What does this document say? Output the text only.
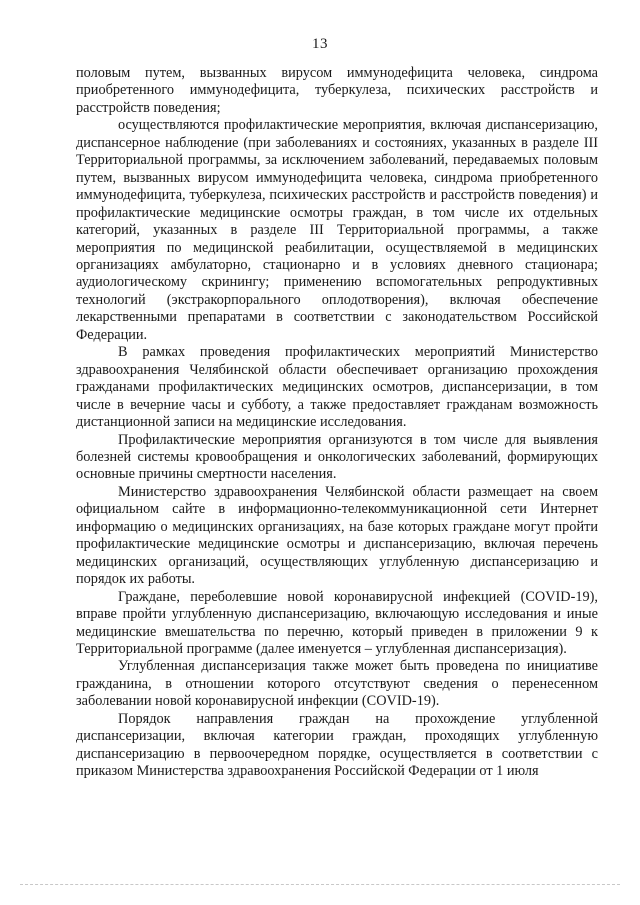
13

половым путем, вызванных вирусом иммунодефицита человека, синдрома приобретенного иммунодефицита, туберкулеза, психических расстройств и расстройств поведения;

осуществляются профилактические мероприятия, включая диспансеризацию, диспансерное наблюдение (при заболеваниях и состояниях, указанных в разделе III Территориальной программы, за исключением заболеваний, передаваемых половым путем, вызванных вирусом иммунодефицита человека, синдрома приобретенного иммунодефицита, туберкулеза, психических расстройств и расстройств поведения) и профилактические медицинские осмотры граждан, в том числе их отдельных категорий, указанных в разделе III Территориальной программы, а также мероприятия по медицинской реабилитации, осуществляемой в медицинских организациях амбулаторно, стационарно и в условиях дневного стационара; аудиологическому скринингу; применению вспомогательных репродуктивных технологий (экстракорпорального оплодотворения), включая обеспечение лекарственными препаратами в соответствии с законодательством Российской Федерации.

В рамках проведения профилактических мероприятий Министерство здравоохранения Челябинской области обеспечивает организацию прохождения гражданами профилактических медицинских осмотров, диспансеризации, в том числе в вечерние часы и субботу, а также предоставляет гражданам возможность дистанционной записи на медицинские исследования.

Профилактические мероприятия организуются в том числе для выявления болезней системы кровообращения и онкологических заболеваний, формирующих основные причины смертности населения.

Министерство здравоохранения Челябинской области размещает на своем официальном сайте в информационно-телекоммуникационной сети Интернет информацию о медицинских организациях, на базе которых граждане могут пройти профилактические медицинские осмотры и диспансеризацию, включая перечень медицинских организаций, осуществляющих углубленную диспансеризацию и порядок их работы.

Граждане, переболевшие новой коронавирусной инфекцией (COVID-19), вправе пройти углубленную диспансеризацию, включающую исследования и иные медицинские вмешательства по перечню, который приведен в приложении 9 к Территориальной программе (далее именуется – углубленная диспансеризация).

Углубленная диспансеризация также может быть проведена по инициативе гражданина, в отношении которого отсутствуют сведения о перенесенном заболевании новой коронавирусной инфекции (COVID-19).

Порядок направления граждан на прохождение углубленной диспансеризации, включая категории граждан, проходящих углубленную диспансеризацию в первоочередном порядке, осуществляется в соответствии с приказом Министерства здравоохранения Российской Федерации от 1 июля
